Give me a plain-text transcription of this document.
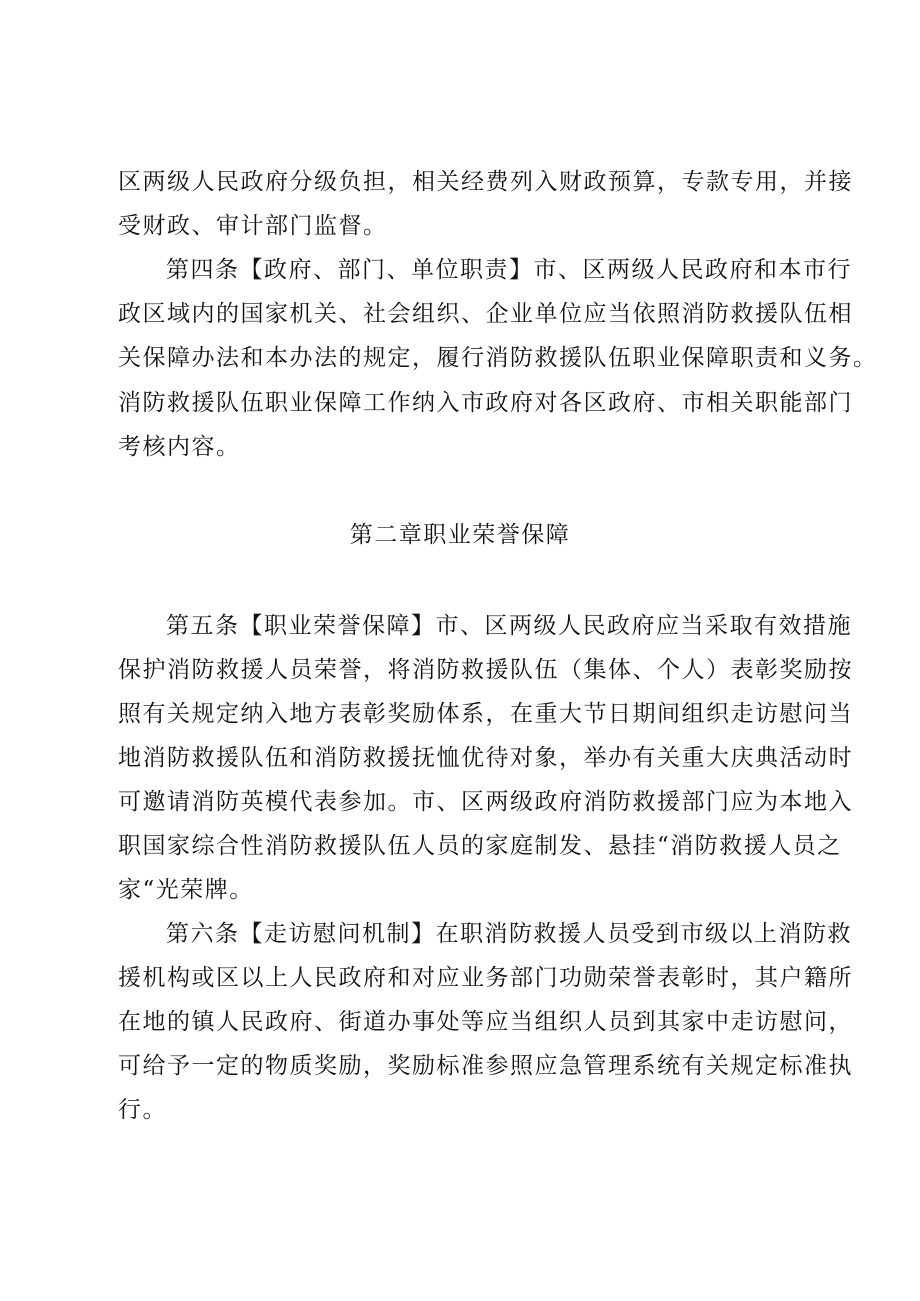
区两级人民政府分级负担，相关经费列入财政预算，专款专用，并接
受财政、审计部门监督。
第四条【政府、部门、单位职责】市、区两级人民政府和本市行
政区域内的国家机关、社会组织、企业单位应当依照消防救援队伍相
关保障办法和本办法的规定，履行消防救援队伍职业保障职责和义务。
消防救援队伍职业保障工作纳入市政府对各区政府、市相关职能部门
考核内容。
第二章职业荣誉保障
第五条【职业荣誉保障】市、区两级人民政府应当采取有效措施
保护消防救援人员荣誉，将消防救援队伍（集体、个人）表彰奖励按
照有关规定纳入地方表彰奖励体系，在重大节日期间组织走访慰问当
地消防救援队伍和消防救援抚恤优待对象，举办有关重大庆典活动时
可邀请消防英模代表参加。市、区两级政府消防救援部门应为本地入
职国家综合性消防救援队伍人员的家庭制发、悬挂“消防救援人员之
家“光荣牌。
第六条【走访慰问机制】在职消防救援人员受到市级以上消防救
援机构或区以上人民政府和对应业务部门功勋荣誉表彰时，其户籍所
在地的镇人民政府、街道办事处等应当组织人员到其家中走访慰问，
可给予一定的物质奖励，奖励标准参照应急管理系统有关规定标准执
行。
